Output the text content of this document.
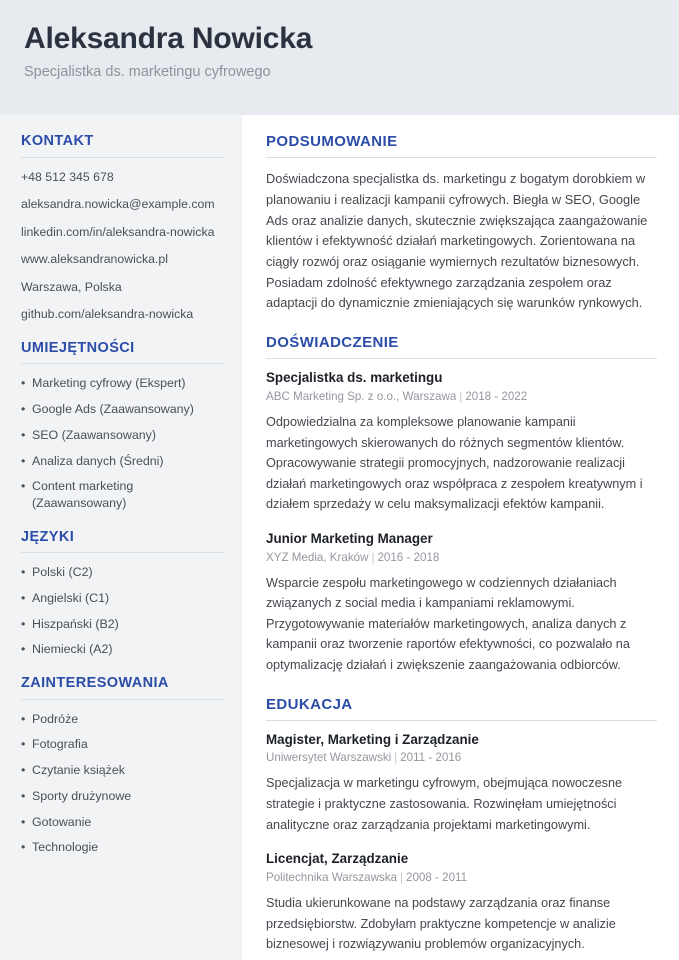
Aleksandra Nowicka

Specjalistka ds. marketingu cyfrowego

KONTAKT
+48 512 345 678
aleksandra.nowicka@example.com
linkedin.com/in/aleksandra-nowicka
www.aleksandranowicka.pl
Warszawa, Polska
github.com/aleksandra-nowicka
UMIEJĘTNOŚCI
• Marketing cyfrowy (Ekspert)
• Google Ads (Zaawansowany)
• SEO (Zaawansowany)
• Analiza danych (Średni)
• Content marketing (Zaawansowany)
JĘZYKI
• Polski (C2)
• Angielski (C1)
• Hiszpański (B2)
• Niemiecki (A2)
ZAINTERESOWANIA
• Podróże
• Fotografia
• Czytanie książek
• Sporty drużynowe
• Gotowanie
• Technologie
PODSUMOWANIE

Doświadczona specjalistka ds. marketingu z bogatym dorobkiem w planowaniu i realizacji kampanii cyfrowych. Biegła w SEO, Google Ads oraz analizie danych, skutecznie zwiększająca zaangażowanie klientów i efektywność działań marketingowych. Zorientowana na ciągły rozwój oraz osiąganie wymiernych rezultatów biznesowych. Posiadam zdolność efektywnego zarządzania zespołem oraz adaptacji do dynamicznie zmieniających się warunków rynkowych.

DOŚWIADCZENIE
Specjalistka ds. marketingu

ABC Marketing Sp. z o.o., Warszawa | 2018 - 2022

Odpowiedzialna za kompleksowe planowanie kampanii marketingowych skierowanych do różnych segmentów klientów. Opracowywanie strategii promocyjnych, nadzorowanie realizacji działań marketingowych oraz współpraca z zespołem kreatywnym i działem sprzedaży w celu maksymalizacji efektów kampanii.

Junior Marketing Manager

XYZ Media, Kraków | 2016 - 2018

Wsparcie zespołu marketingowego w codziennych działaniach związanych z social media i kampaniami reklamowymi. Przygotowywanie materiałów marketingowych, analiza danych z kampanii oraz tworzenie raportów efektywności, co pozwalało na optymalizację działań i zwiększenie zaangażowania odbiorców.

EDUKACJA
Magister, Marketing i Zarządzanie

Uniwersytet Warszawski | 2011 - 2016

Specjalizacja w marketingu cyfrowym, obejmująca nowoczesne strategie i praktyczne zastosowania. Rozwinęłam umiejętności analityczne oraz zarządzania projektami marketingowymi.

Licencjat, Zarządzanie

Politechnika Warszawska | 2008 - 2011

Studia ukierunkowane na podstawy zarządzania oraz finanse przedsiębiorstw. Zdobyłam praktyczne kompetencje w analizie biznesowej i rozwiązywaniu problemów organizacyjnych.
